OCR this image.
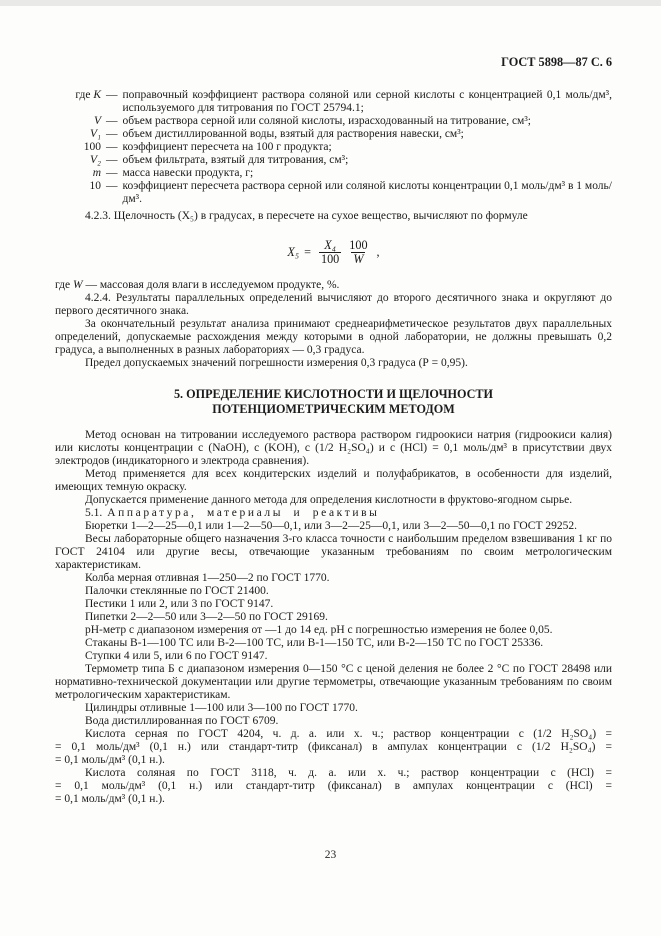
ГОСТ 5898—87 С. 6
где К — поправочный коэффициент раствора соляной или серной кислоты с концентрацией 0,1 моль/дм³, используемого для титрования по ГОСТ 25794.1;
V — объем раствора серной или соляной кислоты, израсходованный на титрование, см³;
V₁ — объем дистиллированной воды, взятый для растворения навески, см³;
100 — коэффициент пересчета на 100 г продукта;
V₂ — объем фильтрата, взятый для титрования, см³;
m — масса навески продукта, г;
10 — коэффициент пересчета раствора серной или соляной кислоты концентрации 0,1 моль/дм³ в 1 моль/дм³.
4.2.3. Щелочность (Х₅) в градусах, в пересчете на сухое вещество, вычисляют по формуле
$Х_5 = \frac{\text{Х₄}}{100} \frac{100}{W}$ ,
где W — массовая доля влаги в исследуемом продукте, %.
4.2.4. Результаты параллельных определений вычисляют до второго десятичного знака и округляют до первого десятичного знака.
За окончательный результат анализа принимают среднеарифметическое результатов двух параллельных определений, допускаемые расхождения между которыми в одной лаборатории, не должны превышать 0,2 градуса, а выполненных в разных лабораториях — 0,3 градуса.
Предел допускаемых значений погрешности измерения 0,3 градуса (Р = 0,95).
5. ОПРЕДЕЛЕНИЕ КИСЛОТНОСТИ И ЩЕЛОЧНОСТИ
ПОТЕНЦИОМЕТРИЧЕСКИМ МЕТОДОМ
Метод основан на титровании исследуемого раствора раствором гидроокиси натрия (гидроокиси калия) или кислоты концентрации с (NaOH), с (KOH), с (1/2 H₂SO₄) и с (HCl) = 0,1 моль/дм³ в присутствии двух электродов (индикаторного и электрода сравнения).
Метод применяется для всех кондитерских изделий и полуфабрикатов, в особенности для изделий, имеющих темную окраску.
Допускается применение данного метода для определения кислотности в фруктово-ягодном сырье.
5.1. Аппаратура, материалы и реактивы
Бюретки 1—2—25—0,1 или 1—2—50—0,1, или 3—2—25—0,1, или 3—2—50—0,1 по ГОСТ 29252.
Весы лабораторные общего назначения 3-го класса точности с наибольшим пределом взвешивания 1 кг по ГОСТ 24104 или другие весы, отвечающие указанным требованиям по своим метрологическим характеристикам.
Колба мерная отливная 1—250—2 по ГОСТ 1770.
Палочки стеклянные по ГОСТ 21400.
Пестики 1 или 2, или 3 по ГОСТ 9147.
Пипетки 2—2—50 или 3—2—50 по ГОСТ 29169.
рН-метр с диапазоном измерения от —1 до 14 ед. рН с погрешностью измерения не более 0,05.
Стаканы В-1—100 ТС или В-2—100 ТС, или В-1—150 ТС, или В-2—150 ТС по ГОСТ 25336.
Ступки 4 или 5, или 6 по ГОСТ 9147.
Термометр типа Б с диапазоном измерения 0—150 °С с ценой деления не более 2 °С по ГОСТ 28498 или нормативно-технической документации или другие термометры, отвечающие указанным требованиям по своим метрологическим характеристикам.
Цилиндры отливные 1—100 или 3—100 по ГОСТ 1770.
Вода дистиллированная по ГОСТ 6709.
Кислота серная по ГОСТ 4204, ч. д. а. или х. ч.; раствор концентрации с (1/2 H₂SO₄) =
= 0,1 моль/дм³ (0,1 н.) или стандарт-титр (фиксанал) в ампулах концентрации с (1/2 H₂SO₄) =
= 0,1 моль/дм³ (0,1 н.).
Кислота соляная по ГОСТ 3118, ч. д. а. или х. ч.; раствор концентрации с (HCl) =
= 0,1 моль/дм³ (0,1 н.) или стандарт-титр (фиксанал) в ампулах концентрации с (HCl) =
= 0,1 моль/дм³ (0,1 н.).
23
